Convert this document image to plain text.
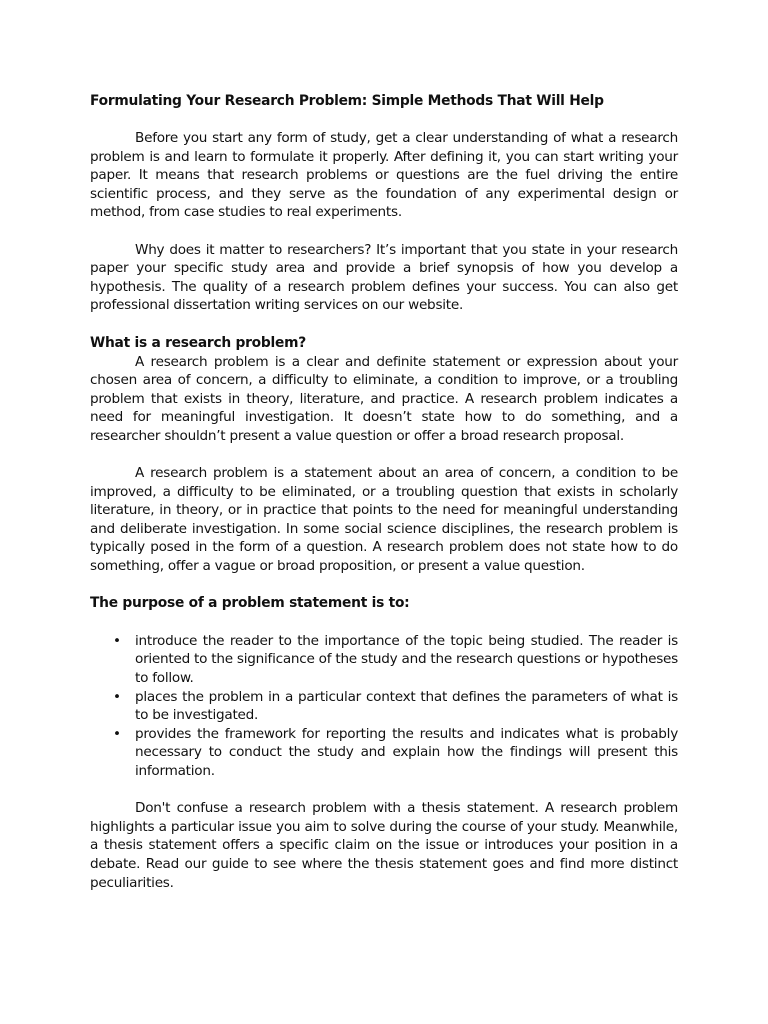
Formulating Your Research Problem: Simple Methods That Will Help

Before you start any form of study, get a clear understanding of what a research problem is and learn to formulate it properly. After defining it, you can start writing your paper. It means that research problems or questions are the fuel driving the entire scientific process, and they serve as the foundation of any experimental design or method, from case studies to real experiments.

Why does it matter to researchers? It’s important that you state in your research paper your specific study area and provide a brief synopsis of how you develop a hypothesis. The quality of a research problem defines your success. You can also get professional dissertation writing services on our website.

What is a research problem?

A research problem is a clear and definite statement or expression about your chosen area of concern, a difficulty to eliminate, a condition to improve, or a troubling problem that exists in theory, literature, and practice. A research problem indicates a need for meaningful investigation. It doesn’t state how to do something, and a researcher shouldn’t present a value question or offer a broad research proposal.

A research problem is a statement about an area of concern, a condition to be improved, a difficulty to be eliminated, or a troubling question that exists in scholarly literature, in theory, or in practice that points to the need for meaningful understanding and deliberate investigation. In some social science disciplines, the research problem is typically posed in the form of a question. A research problem does not state how to do something, offer a vague or broad proposition, or present a value question.

The purpose of a problem statement is to:
• introduce the reader to the importance of the topic being studied. The reader is oriented to the significance of the study and the research questions or hypotheses to follow.
• places the problem in a particular context that defines the parameters of what is to be investigated.
• provides the framework for reporting the results and indicates what is probably necessary to conduct the study and explain how the findings will present this information.

Don't confuse a research problem with a thesis statement. A research problem highlights a particular issue you aim to solve during the course of your study. Meanwhile, a thesis statement offers a specific claim on the issue or introduces your position in a debate. Read our guide to see where the thesis statement goes and find more distinct peculiarities.
